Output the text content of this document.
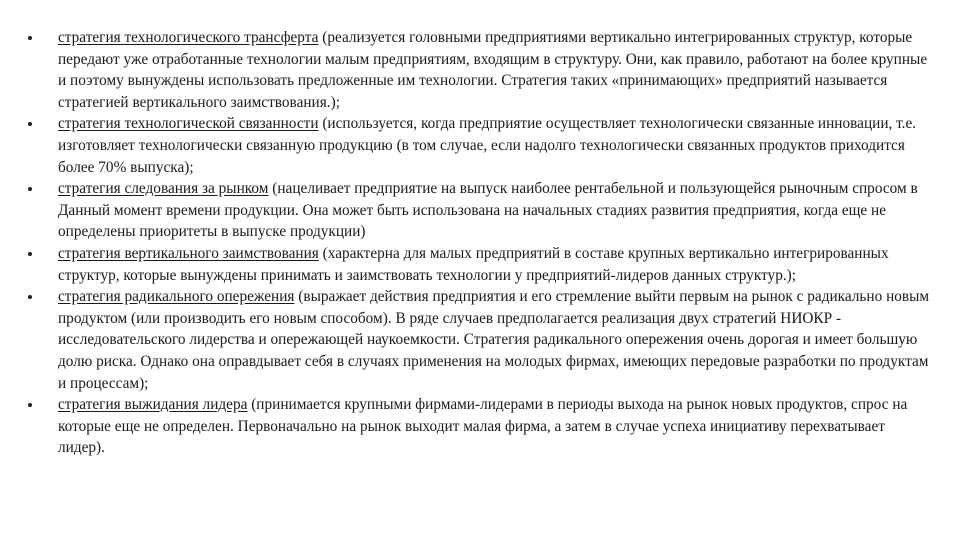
стратегия технологического трансферта (реализуется головными предприятиями вертикально интегрированных структур, которые передают уже отработанные технологии малым предприятиям, входящим в структуру. Они, как правило, работают на более крупные и поэтому вынуждены использовать предложенные им технологии. Стратегия таких «принимающих» предприятий называется стратегией вертикального заимствования.);
стратегия технологической связанности (используется, когда предприятие осуществляет технологически связанные инновации, т.е. изготовляет технологически связанную продукцию (в том случае, если надолго технологически связанных продуктов приходится более 70% выпуска);
стратегия следования за рынком (нацеливает предприятие на выпуск наиболее рентабельной и пользующейся рыночным спросом в Данный момент времени продукции. Она может быть использована на начальных стадиях развития предприятия, когда еще не определены приоритеты в выпуске продукции)
стратегия вертикального заимствования (характерна для малых предприятий в составе крупных вертикально интегрированных структур, которые вынуждены принимать и заимствовать технологии у предприятий-лидеров данных структур.);
стратегия радикального опережения (выражает действия предприятия и его стремление выйти первым на рынок с радикально новым продуктом (или производить его новым способом). В ряде случаев предполагается реализация двух стратегий НИОКР - исследовательского лидерства и опережающей наукоемкости. Стратегия радикального опережения очень дорогая и имеет большую долю риска. Однако она оправдывает себя в случаях применения на молодых фирмах, имеющих передовые разработки по продуктам и процессам);
стратегия выжидания лидера (принимается крупными фирмами-лидерами в периоды выхода на рынок новых продуктов, спрос на которые еще не определен. Первоначально на рынок выходит малая фирма, а затем в случае успеха инициативу перехватывает лидер).
